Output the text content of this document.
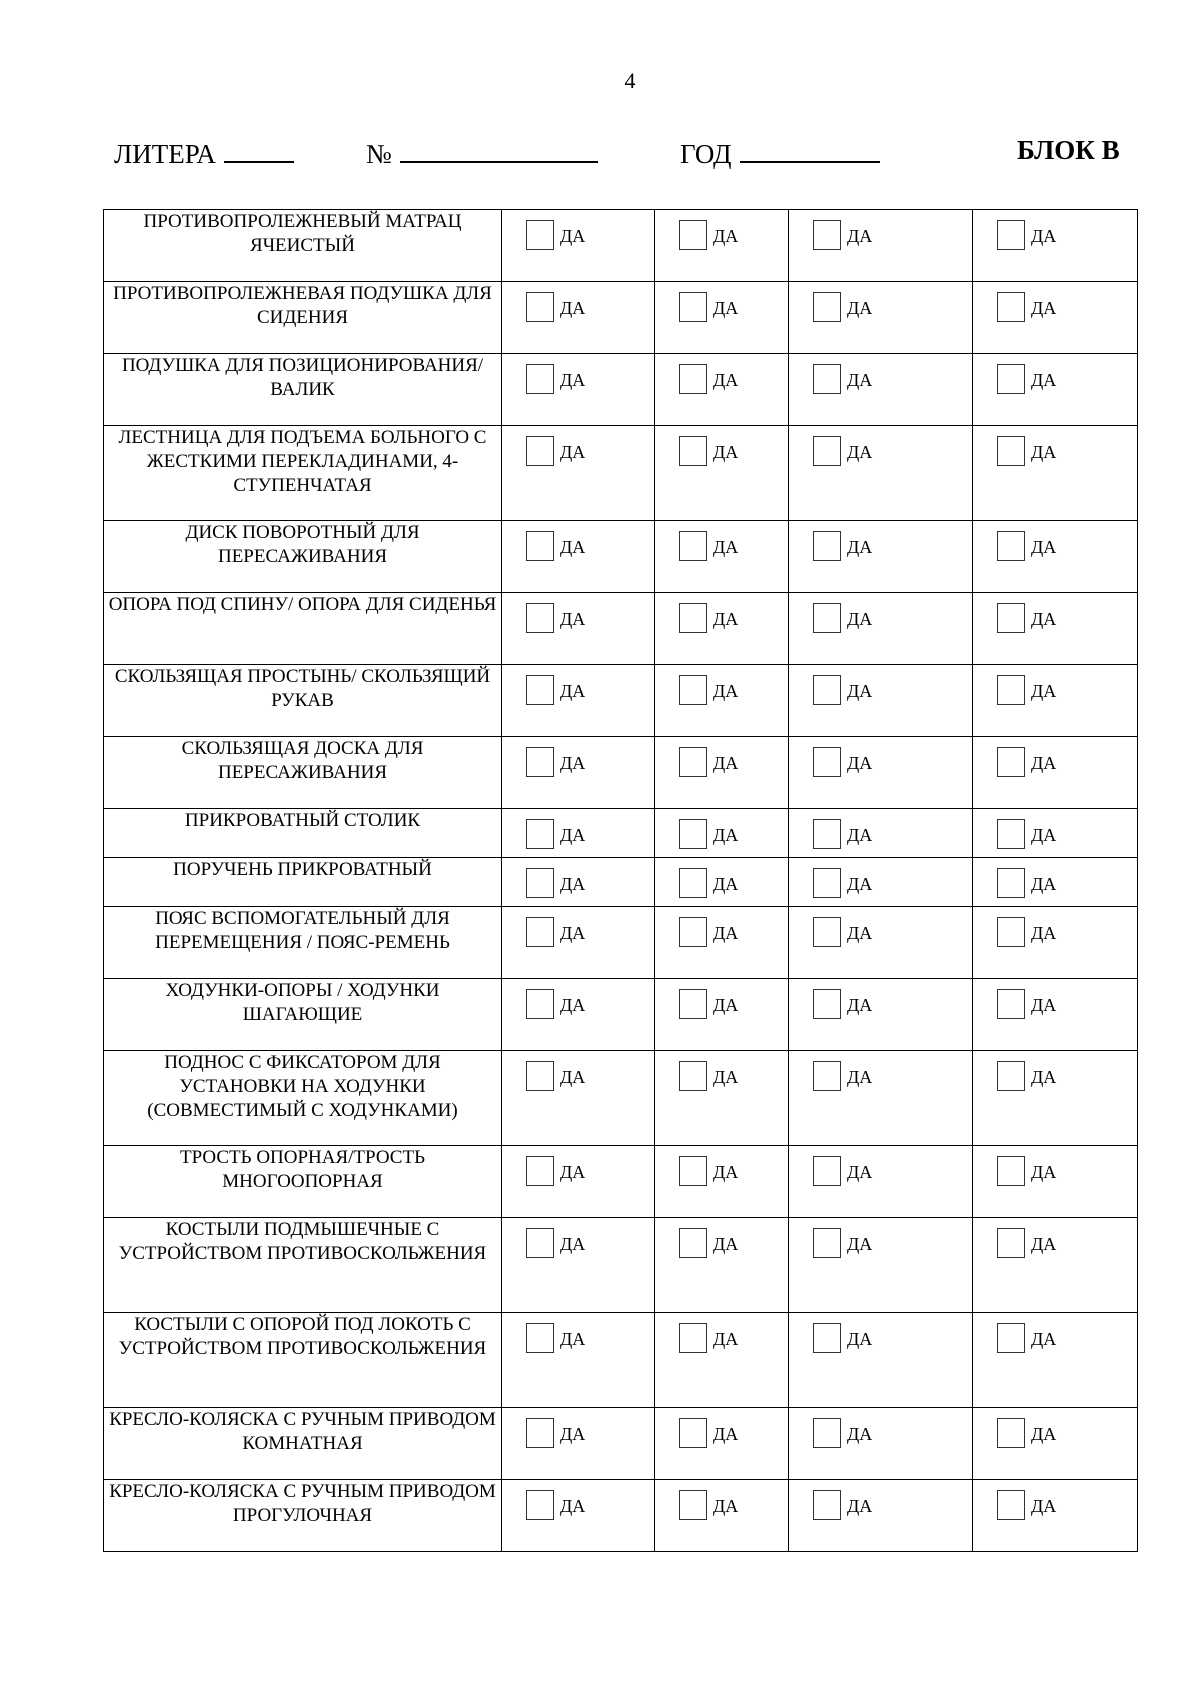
4
ЛИТЕРА	№	ГОД	БЛОК В
ПРОТИВОПРОЛЕЖНЕВЫЙ МАТРАЦ ЯЧЕИСТЫЙ	ДА	ДА	ДА	ДА

ПРОТИВОПРОЛЕЖНЕВАЯ ПОДУШКА ДЛЯ СИДЕНИЯ	ДА	ДА	ДА	ДА

ПОДУШКА ДЛЯ ПОЗИЦИОНИРОВАНИЯ/ВАЛИК	ДА	ДА	ДА	ДА

ЛЕСТНИЦА ДЛЯ ПОДЪЕМА БОЛЬНОГО С ЖЕСТКИМИ ПЕРЕКЛАДИНАМИ, 4-СТУПЕНЧАТАЯ	ДА	ДА	ДА	ДА

ДИСК ПОВОРОТНЫЙ ДЛЯ ПЕРЕСАЖИВАНИЯ	ДА	ДА	ДА	ДА

ОПОРА ПОД СПИНУ/ ОПОРА ДЛЯ СИДЕНЬЯ	ДА	ДА	ДА	ДА

СКОЛЬЗЯЩАЯ ПРОСТЫНЬ/ СКОЛЬЗЯЩИЙ РУКАВ	ДА	ДА	ДА	ДА

СКОЛЬЗЯЩАЯ ДОСКА ДЛЯ ПЕРЕСАЖИВАНИЯ	ДА	ДА	ДА	ДА

ПРИКРОВАТНЫЙ СТОЛИК	ДА	ДА	ДА	ДА

ПОРУЧЕНЬ ПРИКРОВАТНЫЙ	ДА	ДА	ДА	ДА

ПОЯС ВСПОМОГАТЕЛЬНЫЙ ДЛЯ ПЕРЕМЕЩЕНИЯ / ПОЯС-РЕМЕНЬ	ДА	ДА	ДА	ДА

ХОДУНКИ-ОПОРЫ / ХОДУНКИ ШАГАЮЩИЕ	ДА	ДА	ДА	ДА

ПОДНОС С ФИКСАТОРОМ ДЛЯ УСТАНОВКИ НА ХОДУНКИ (СОВМЕСТИМЫЙ С ХОДУНКАМИ)	ДА	ДА	ДА	ДА

ТРОСТЬ ОПОРНАЯ/ТРОСТЬ МНОГООПОРНАЯ	ДА	ДА	ДА	ДА

КОСТЫЛИ ПОДМЫШЕЧНЫЕ С УСТРОЙСТВОМ ПРОТИВОСКОЛЬЖЕНИЯ	ДА	ДА	ДА	ДА

КОСТЫЛИ С ОПОРОЙ ПОД ЛОКОТЬ С УСТРОЙСТВОМ ПРОТИВОСКОЛЬЖЕНИЯ	ДА	ДА	ДА	ДА

КРЕСЛО-КОЛЯСКА С РУЧНЫМ ПРИВОДОМ КОМНАТНАЯ	ДА	ДА	ДА	ДА

КРЕСЛО-КОЛЯСКА С РУЧНЫМ ПРИВОДОМ ПРОГУЛОЧНАЯ	ДА	ДА	ДА	ДА
